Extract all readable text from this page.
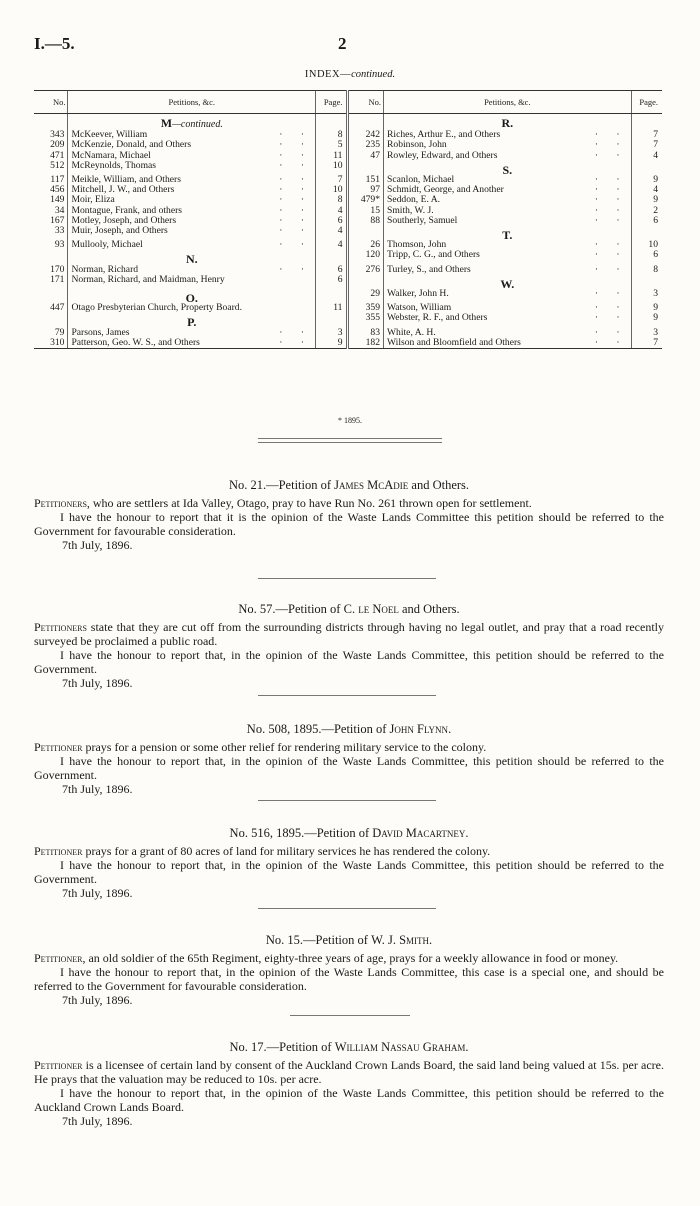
I.—5.	2
INDEX—continued.
No.	Petitions, &c.	Page.	No.	Petitions, &c.	Page.
	M—continued.			R.	
343	McKeever, William · ·	8	242	Riches, Arthur E., and Others · ·	7
209	McKenzie, Donald, and Others · ·	5	235	Robinson, John · ·	7
471	McNamara, Michael · ·	11	47	Rowley, Edward, and Others · ·	4
512	McReynolds, Thomas · ·	10		S.	
117	Meikle, William, and Others · ·	7	151	Scanlon, Michael · ·	9
456	Mitchell, J. W., and Others · ·	10	97	Schmidt, George, and Another · ·	4
149	Moir, Eliza · ·	8	479*	Seddon, E. A. · ·	9
34	Montague, Frank, and others · ·	4	15	Smith, W. J. · ·	2
167	Motley, Joseph, and Others · ·	6	88	Southerly, Samuel · ·	6
33	Muir, Joseph, and Others · ·	4		T.	
93	Mullooly, Michael · ·	4	26	Thomson, John · ·	10
	N.		120	Tripp, C. G., and Others · ·	6
170	Norman, Richard · ·	6	276	Turley, S., and Others · ·	8
171	Norman, Richard, and Maidman, Henry	6		W.	
	O.		29	Walker, John H. · ·	3
447	Otago Presbyterian Church, Property Board.	11	359	Watson, William · ·	9
	P.		355	Webster, R. F., and Others · ·	9
79	Parsons, James · ·	3	83	White, A. H. · ·	3
310	Patterson, Geo. W. S., and Others · ·	9	182	Wilson and Bloomfield and Others · ·	7
* 1895.
No. 21.—Petition of James McAdie and Others.

Petitioners, who are settlers at Ida Valley, Otago, pray to have Run No. 261 thrown open for settlement.

I have the honour to report that it is the opinion of the Waste Lands Committee this petition should be referred to the Government for favourable consideration.

7th July, 1896.
No. 57.—Petition of C. le Noel and Others.

Petitioners state that they are cut off from the surrounding districts through having no legal outlet, and pray that a road recently surveyed be proclaimed a public road.

I have the honour to report that, in the opinion of the Waste Lands Committee, this petition should be referred to the Government.

7th July, 1896.
No. 508, 1895.—Petition of John Flynn.

Petitioner prays for a pension or some other relief for rendering military service to the colony.

I have the honour to report that, in the opinion of the Waste Lands Committee, this petition should be referred to the Government.

7th July, 1896.
No. 516, 1895.—Petition of David Macartney.

Petitioner prays for a grant of 80 acres of land for military services he has rendered the colony.

I have the honour to report that, in the opinion of the Waste Lands Committee, this petition should be referred to the Government.

7th July, 1896.
No. 15.—Petition of W. J. Smith.

Petitioner, an old soldier of the 65th Regiment, eighty-three years of age, prays for a weekly allowance in food or money.

I have the honour to report that, in the opinion of the Waste Lands Committee, this case is a special one, and should be referred to the Government for favourable consideration.

7th July, 1896.
No. 17.—Petition of William Nassau Graham.

Petitioner is a licensee of certain land by consent of the Auckland Crown Lands Board, the said land being valued at 15s. per acre. He prays that the valuation may be reduced to 10s. per acre.

I have the honour to report that, in the opinion of the Waste Lands Committee, this petition should be referred to the Auckland Crown Lands Board.

7th July, 1896.
